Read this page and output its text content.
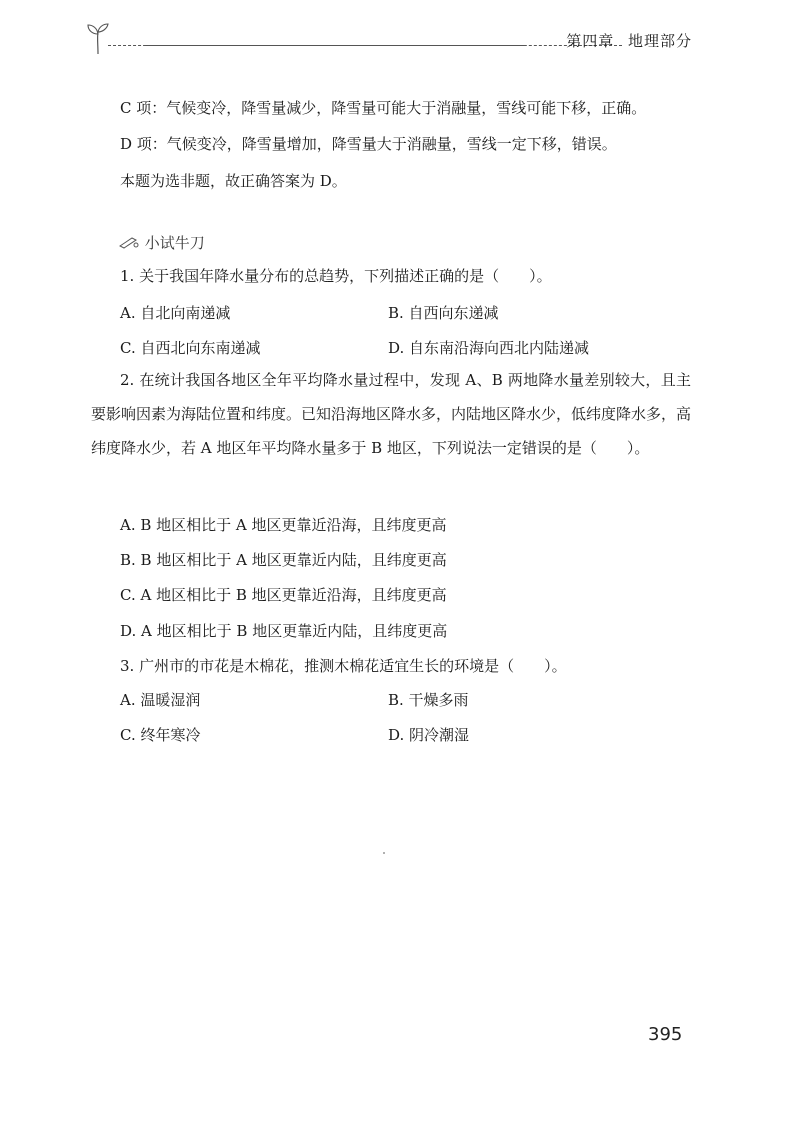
第四章 地理部分
C 项：气候变冷，降雪量减少，降雪量可能大于消融量，雪线可能下移，正确。
D 项：气候变冷，降雪量增加，降雪量大于消融量，雪线一定下移，错误。
本题为选非题，故正确答案为 D。
小试牛刀
1. 关于我国年降水量分布的总趋势，下列描述正确的是（　　）。
A. 自北向南递减	B. 自西向东递减
C. 自西北向东南递减	D. 自东南沿海向西北内陆递减
2. 在统计我国各地区全年平均降水量过程中，发现 A、B 两地降水量差别较大，且主要影响因素为海陆位置和纬度。已知沿海地区降水多，内陆地区降水少，低纬度降水多，高纬度降水少，若 A 地区年平均降水量多于 B 地区，下列说法一定错误的是（　　）。
A. B 地区相比于 A 地区更靠近沿海，且纬度更高
B. B 地区相比于 A 地区更靠近内陆，且纬度更高
C. A 地区相比于 B 地区更靠近沿海，且纬度更高
D. A 地区相比于 B 地区更靠近内陆，且纬度更高
3. 广州市的市花是木棉花，推测木棉花适宜生长的环境是（　　）。
A. 温暖湿润	B. 干燥多雨
C. 终年寒冷	D. 阴冷潮湿
395
